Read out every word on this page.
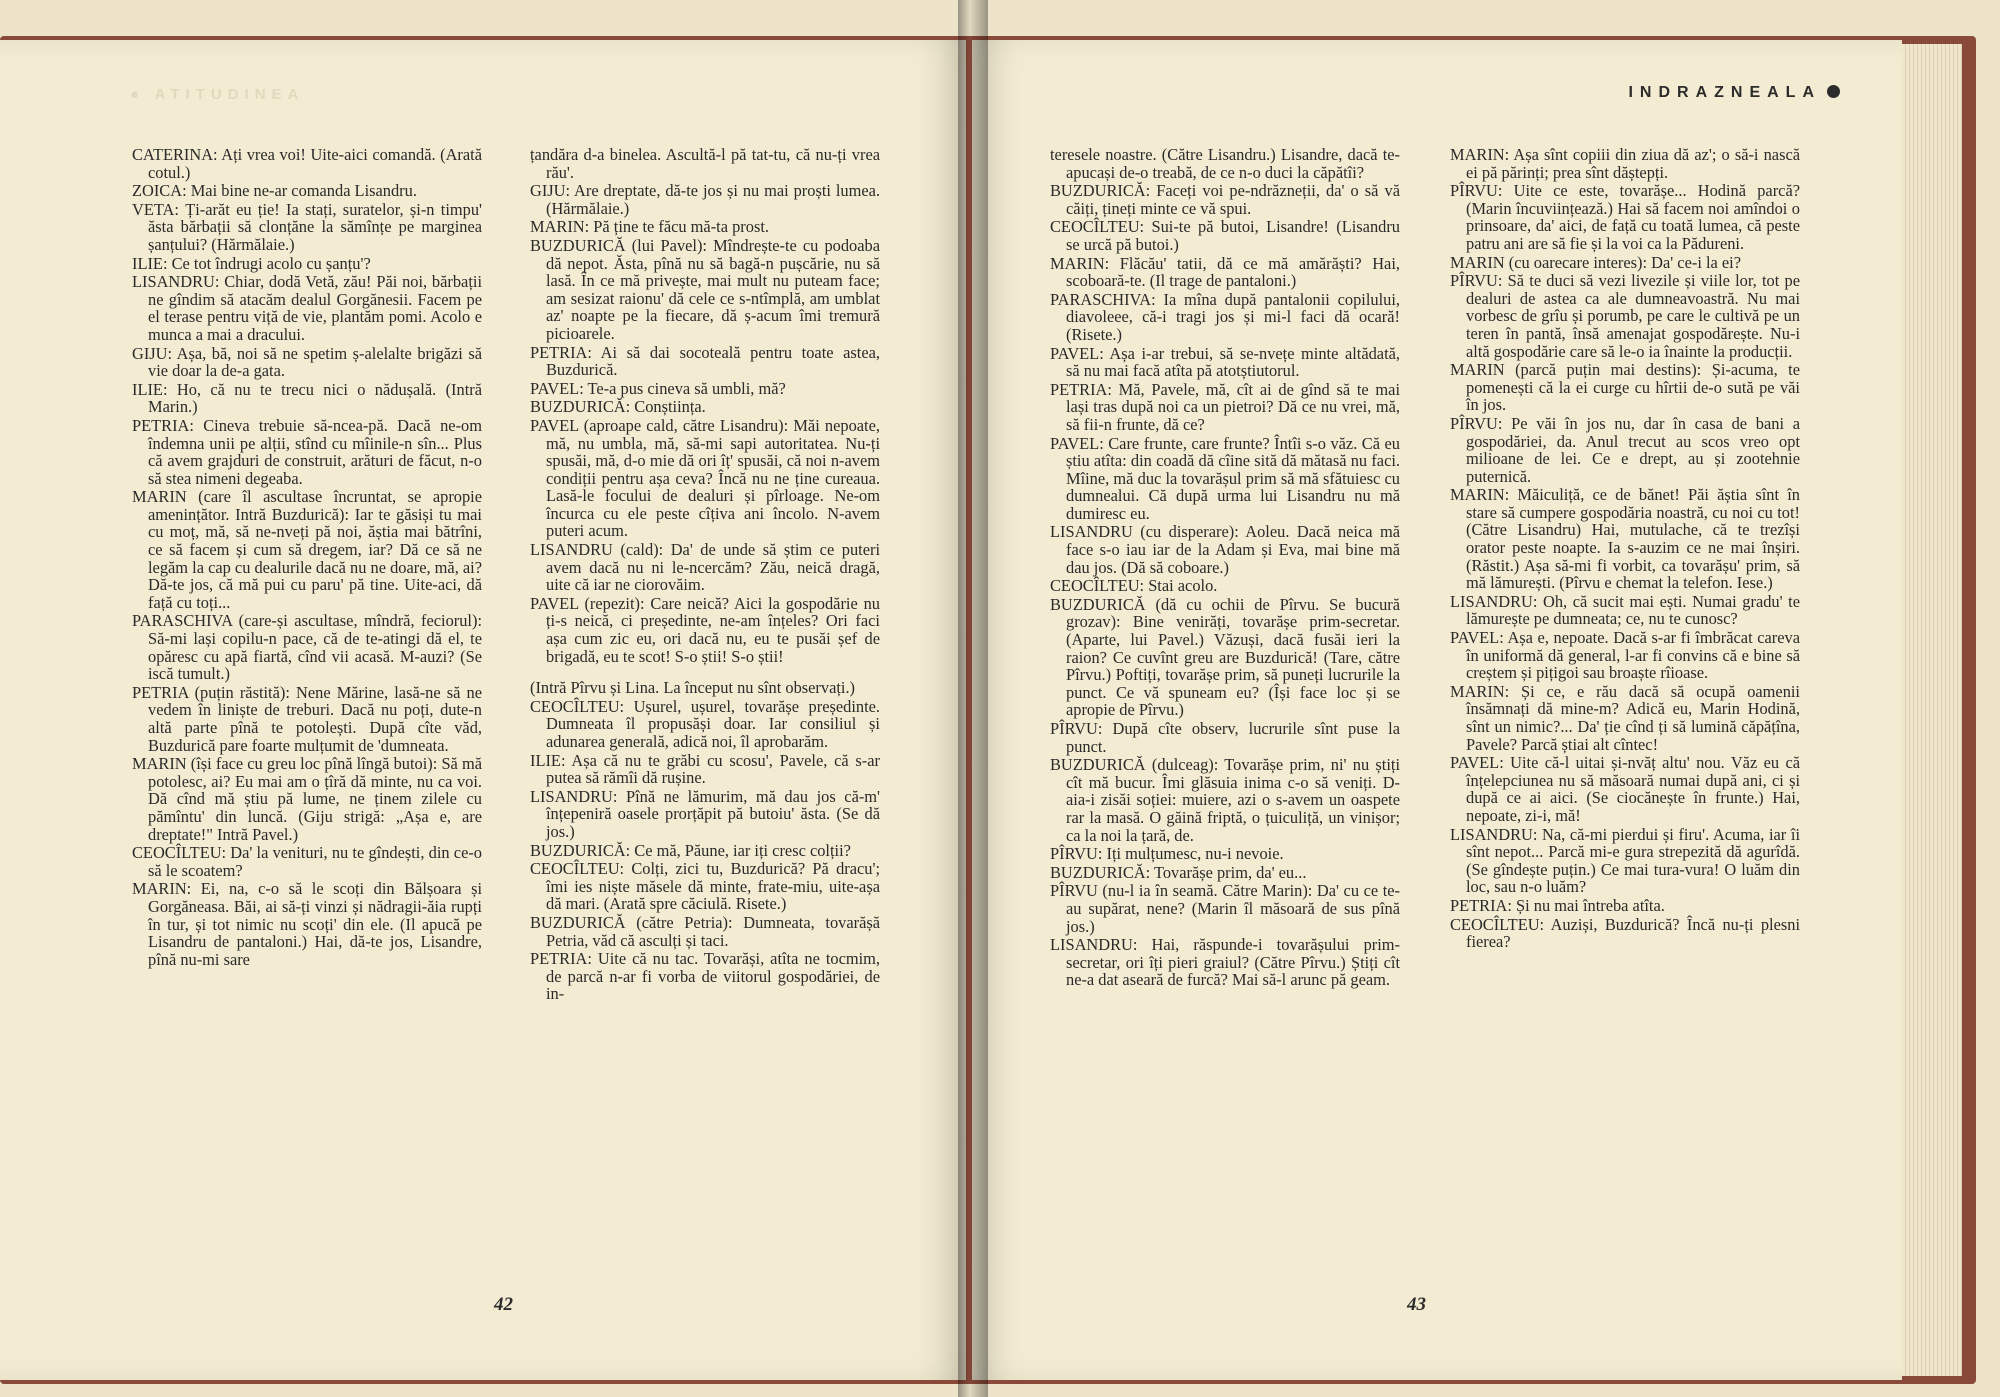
● ATITUDINEA	INDRAZNEALA

CATERINA: Ați vrea voi! Uite-aici comandă. (Arată cotul.)

ZOICA: Mai bine ne-ar comanda Lisandru.

VETA: Ți-arăt eu ție! Ia stați, suratelor, și-n timpu' ăsta bărbații să clonțăne la sămînțe pe marginea șanțului? (Hărmălaie.)

ILIE: Ce tot îndrugi acolo cu șanțu'?

LISANDRU: Chiar, dodă Vetă, zău! Păi noi, bărbații ne gîndim să atacăm dealul Gorgănesii. Facem pe el terase pentru viță de vie, plantăm pomi. Acolo e munca a mai a dracului.

GIJU: Așa, bă, noi să ne spetim ș-alelalte brigăzi să vie doar la de-a gata.

ILIE: Ho, că nu te trecu nici o nădușală. (Intră Marin.)

PETRIA: Cineva trebuie să-ncea-pă. Dacă ne-om îndemna unii pe alții, stînd cu mîinile-n sîn... Plus că avem grajduri de construit, arături de făcut, n-o să stea nimeni degeaba.

MARIN (care îl ascultase încruntat, se apropie amenințător. Intră Buzdurică): Iar te găsiși tu mai cu moț, mă, să ne-nveți pă noi, ăștia mai bătrîni, ce să facem și cum să dregem, iar? Dă ce să ne legăm la cap cu dealurile dacă nu ne doare, mă, ai? Dă-te jos, că mă pui cu paru' pă tine. Uite-aci, dă față cu toți...

PARASCHIVA (care-și ascultase, mîndră, feciorul): Să-mi lași copilu-n pace, că de te-atingi dă el, te opăresc cu apă fiartă, cînd vii acasă. M-auzi? (Se iscă tumult.)

PETRIA (puțin răstită): Nene Mărine, lasă-ne să ne vedem în liniște de treburi. Dacă nu poți, dute-n altă parte pînă te potolești. După cîte văd, Buzdurică pare foarte mulțumit de 'dumneata.

MARIN (își face cu greu loc pînă lîngă butoi): Să mă potolesc, ai? Eu mai am o țîră dă minte, nu ca voi. Dă cînd mă știu pă lume, ne ținem zilele cu pămîntu' din luncă. (Giju strigă: „Așa e, are dreptate!" Intră Pavel.)

CEOCÎLTEU: Da' la venituri, nu te gîndești, din ce-o să le scoatem?

MARIN: Ei, na, c-o să le scoți din Bălșoara și Gorgăneasa. Băi, ai să-ți vinzi și nădragii-ăia rupți în tur, și tot nimic nu scoți' din ele. (Il apucă pe Lisandru de pantaloni.) Hai, dă-te jos, Lisandre, pînă nu-mi sare

țandăra d-a binelea. Ascultă-l pă tat-tu, că nu-ți vrea rău'.

GIJU: Are dreptate, dă-te jos și nu mai proști lumea. (Hărmălaie.)

MARIN: Pă ține te făcu mă-ta prost.

BUZDURICĂ (lui Pavel): Mîndrește-te cu podoaba dă nepot. Ăsta, pînă nu să bagă-n pușcărie, nu să lasă. În ce mă privește, mai mult nu puteam face; am sesizat raionu' dă cele ce s-ntîmplă, am umblat az' noapte pe la fiecare, dă ș-acum îmi tremură picioarele.

PETRIA: Ai să dai socoteală pentru toate astea, Buzdurică.

PAVEL: Te-a pus cineva să umbli, mă?

BUZDURICĂ: Conștiința.

PAVEL (aproape cald, către Lisandru): Măi nepoate, mă, nu umbla, mă, să-mi sapi autoritatea. Nu-ți spusăi, mă, d-o mie dă ori îț' spusăi, că noi n-avem condiții pentru așa ceva? Încă nu ne ține cureaua. Lasă-le focului de dealuri și pîrloage. Ne-om încurca cu ele peste cîțiva ani încolo. N-avem puteri acum.

LISANDRU (cald): Da' de unde să știm ce puteri avem dacă nu ni le-ncercăm? Zău, neică dragă, uite că iar ne ciorovăim.

PAVEL (repezit): Care neică? Aici la gospodărie nu ți-s neică, ci președinte, ne-am înțeles? Ori faci așa cum zic eu, ori dacă nu, eu te pusăi șef de brigadă, eu te scot! S-o știi! S-o știi!

(Intră Pîrvu și Lina. La început nu sînt observați.)

CEOCÎLTEU: Ușurel, ușurel, tovarășe președinte. Dumneata îl propusăși doar. Iar consiliul și adunarea generală, adică noi, îl aprobarăm.

ILIE: Așa că nu te grăbi cu scosu', Pavele, că s-ar putea să rămîi dă rușine.

LISANDRU: Pînă ne lămurim, mă dau jos că-m' înțepeniră oasele prorțăpit pă butoiu' ăsta. (Se dă jos.)

BUZDURICĂ: Ce mă, Păune, iar iți cresc colții?

CEOCÎLTEU: Colți, zici tu, Buzdurică? Pă dracu'; îmi ies niște măsele dă minte, frate-miu, uite-așa dă mari. (Arată spre căciulă. Risete.)

BUZDURICĂ (către Petria): Dumneata, tovarășă Petria, văd că asculți și taci.

PETRIA: Uite că nu tac. Tovarăși, atîta ne tocmim, de parcă n-ar fi vorba de viitorul gospodăriei, de in-

teresele noastre. (Către Lisandru.) Lisandre, dacă te-apucași de-o treabă, de ce n-o duci la căpătîi?

BUZDURICĂ: Faceți voi pe-ndrăzneții, da' o să vă căiți, țineți minte ce vă spui.

CEOCÎLTEU: Sui-te pă butoi, Lisandre! (Lisandru se urcă pă butoi.)

MARIN: Flăcău' tatii, dă ce mă amărăști? Hai, scoboară-te. (Il trage de pantaloni.)

PARASCHIVA: Ia mîna după pantalonii copilului, diavoleee, că-i tragi jos și mi-l faci dă ocară! (Risete.)

PAVEL: Așa i-ar trebui, să se-nvețe minte altădată, să nu mai facă atîta pă atotștiutorul.

PETRIA: Mă, Pavele, mă, cît ai de gînd să te mai lași tras după noi ca un pietroi? Dă ce nu vrei, mă, să fii-n frunte, dă ce?

PAVEL: Care frunte, care frunte? Întîi s-o văz. Că eu știu atîta: din coadă dă cîine sită dă mătasă nu faci. Mîine, mă duc la tovarășul prim să mă sfătuiesc cu dumnealui. Că după urma lui Lisandru nu mă dumiresc eu.

LISANDRU (cu disperare): Aoleu. Dacă neica mă face s-o iau iar de la Adam și Eva, mai bine mă dau jos. (Dă să coboare.)

CEOCÎLTEU: Stai acolo.

BUZDURICĂ (dă cu ochii de Pîrvu. Se bucură grozav): Bine venirăți, tovarășe prim-secretar. (Aparte, lui Pavel.) Văzuși, dacă fusăi ieri la raion? Ce cuvînt greu are Buzdurică! (Tare, către Pîrvu.) Poftiți, tovarășe prim, să puneți lucrurile la punct. Ce vă spuneam eu? (Își face loc și se apropie de Pîrvu.)

PÎRVU: După cîte observ, lucrurile sînt puse la punct.

BUZDURICĂ (dulceag): Tovarășe prim, ni' nu știți cît mă bucur. Îmi glăsuia inima c-o să veniți. D-aia-i zisăi soției: muiere, azi o s-avem un oaspete rar la masă. O găină friptă, o țuiculiță, un vinișor; ca la noi la țară, de.

PÎRVU: Iți mulțumesc, nu-i nevoie.

BUZDURICĂ: Tovarășe prim, da' eu...

PÎRVU (nu-l ia în seamă. Către Marin): Da' cu ce te-au supărat, nene? (Marin îl măsoară de sus pînă jos.)

LISANDRU: Hai, răspunde-i tovarășului prim-secretar, ori îți pieri graiul? (Către Pîrvu.) Știți cît ne-a dat aseară de furcă? Mai să-l arunc pă geam.

MARIN: Așa sînt copiii din ziua dă az'; o să-i nască ei pă părinți; prea sînt dăștepți.

PÎRVU: Uite ce este, tovarășe... Hodină parcă? (Marin încuviințează.) Hai să facem noi amîndoi o prinsoare, da' aici, de față cu toată lumea, că peste patru ani are să fie și la voi ca la Pădureni.

MARIN (cu oarecare interes): Da' ce-i la ei?

PÎRVU: Să te duci să vezi livezile și viile lor, tot pe dealuri de astea ca ale dumneavoastră. Nu mai vorbesc de grîu și porumb, pe care le cultivă pe un teren în pantă, însă amenajat gospodărește. Nu-i altă gospodărie care să le-o ia înainte la producții.

MARIN (parcă puțin mai destins): Și-acuma, te pomenești că la ei curge cu hîrtii de-o sută pe văi în jos.

PÎRVU: Pe văi în jos nu, dar în casa de bani a gospodăriei, da. Anul trecut au scos vreo opt milioane de lei. Ce e drept, au și zootehnie puternică.

MARIN: Măiculiță, ce de bănet! Păi ăștia sînt în stare să cumpere gospodăria noastră, cu noi cu tot! (Către Lisandru) Hai, mutulache, că te trezîși orator peste noapte. Ia s-auzim ce ne mai înșiri. (Răstit.) Așa să-mi fi vorbit, ca tovarășu' prim, să mă lămurești. (Pîrvu e chemat la telefon. Iese.)

LISANDRU: Oh, că sucit mai ești. Numai gradu' te lămurește pe dumneata; ce, nu te cunosc?

PAVEL: Așa e, nepoate. Dacă s-ar fi îmbrăcat careva în uniformă dă general, l-ar fi convins că e bine să creștem și pițigoi sau broaște rîioase.

MARIN: Și ce, e rău dacă să ocupă oamenii însămnați dă mine-m? Adică eu, Marin Hodină, sînt un nimic?... Da' ție cînd ți să lumină căpățîna, Pavele? Parcă știai alt cîntec!

PAVEL: Uite că-l uitai și-nvăț altu' nou. Văz eu că înțelepciunea nu să măsoară numai după ani, ci și după ce ai aici. (Se ciocănește în frunte.) Hai, nepoate, zi-i, mă!

LISANDRU: Na, că-mi pierdui și firu'. Acuma, iar îi sînt nepot... Parcă mi-e gura strepezită dă agurîdă. (Se gîndește puțin.) Ce mai tura-vura! O luăm din loc, sau n-o luăm?

PETRIA: Și nu mai întreba atîta.

CEOCÎLTEU: Auziși, Buzdurică? Încă nu-ți plesni fierea?

42	43
